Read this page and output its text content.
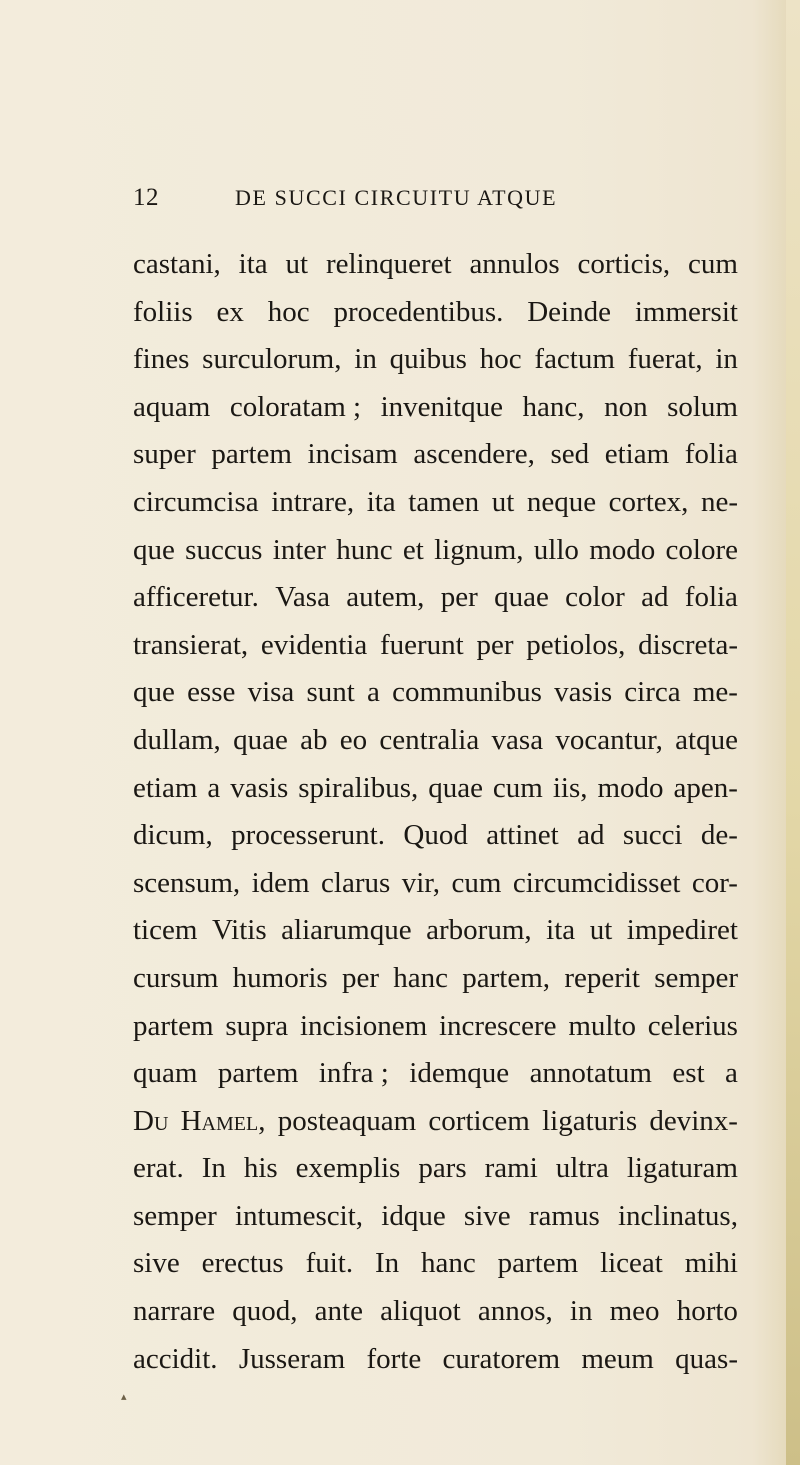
12	DE SUCCI CIRCUITU ATQUE
castani, ita ut relinqueret annulos corticis, cum
foliis ex hoc procedentibus. Deinde immersit
fines surculorum, in quibus hoc factum fuerat, in
aquam coloratam ; invenitque hanc, non solum
super partem incisam ascendere, sed etiam folia
circumcisa intrare, ita tamen ut neque cortex, ne-
que succus inter hunc et lignum, ullo modo colore
afficeretur. Vasa autem, per quae color ad folia
transierat, evidentia fuerunt per petiolos, discreta-
que esse visa sunt a communibus vasis circa me-
dullam, quae ab eo centralia vasa vocantur, atque
etiam a vasis spiralibus, quae cum iis, modo apen-
dicum, processerunt. Quod attinet ad succi de-
scensum, idem clarus vir, cum circumcidisset cor-
ticem Vitis aliarumque arborum, ita ut impediret
cursum humoris per hanc partem, reperit semper
partem supra incisionem increscere multo celerius
quam partem infra ; idemque annotatum est a
Du Hamel, posteaquam corticem ligaturis devinx-
erat. In his exemplis pars rami ultra ligaturam
semper intumescit, idque sive ramus inclinatus,
sive erectus fuit. In hanc partem liceat mihi
narrare quod, ante aliquot annos, in meo horto
accidit. Jusseram forte curatorem meum quas-
▴
